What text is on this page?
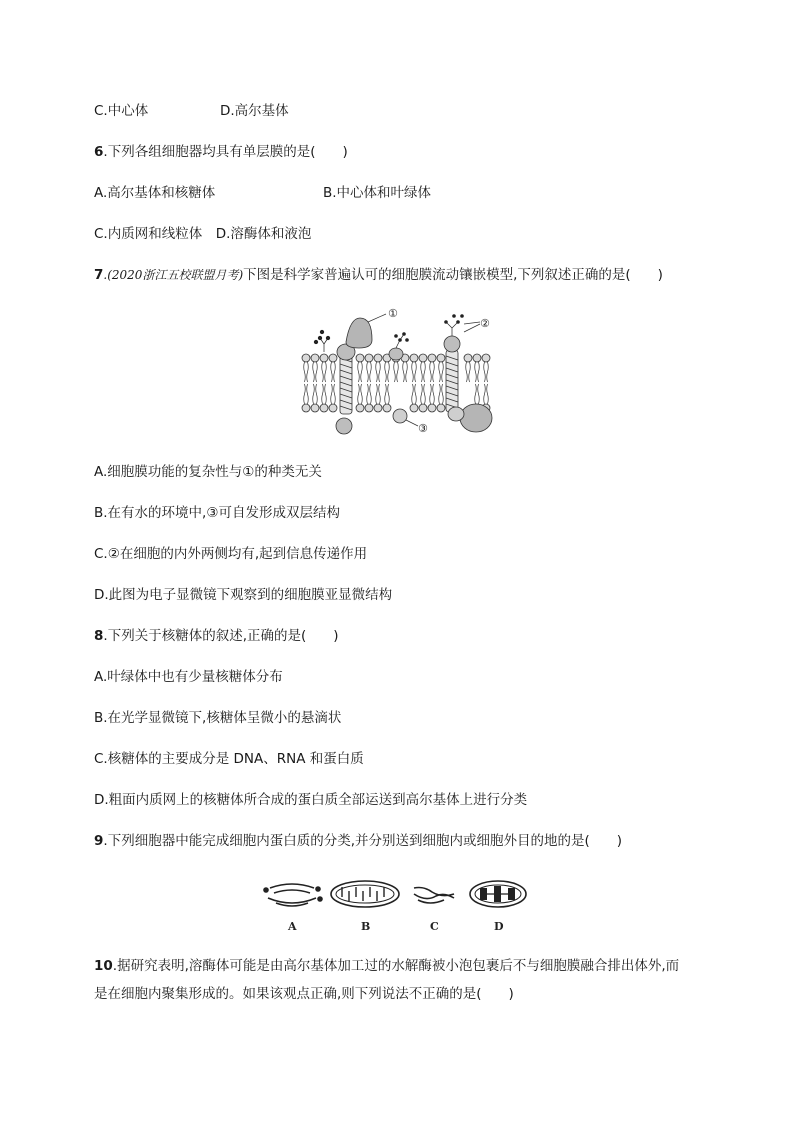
C.中心体	D.高尔基体
6.下列各组细胞器均具有单层膜的是(　　)
A.高尔基体和核糖体	B.中心体和叶绿体
C.内质网和线粒体　D.溶酶体和液泡
7.(2020浙江五校联盟月考)下图是科学家普遍认可的细胞膜流动镶嵌模型,下列叙述正确的是(　　)
①
②
③
A.细胞膜功能的复杂性与①的种类无关
B.在有水的环境中,③可自发形成双层结构
C.②在细胞的内外两侧均有,起到信息传递作用
D.此图为电子显微镜下观察到的细胞膜亚显微结构
8.下列关于核糖体的叙述,正确的是(　　)
A.叶绿体中也有少量核糖体分布
B.在光学显微镜下,核糖体呈微小的悬滴状
C.核糖体的主要成分是 DNA、RNA 和蛋白质
D.粗面内质网上的核糖体所合成的蛋白质全部运送到高尔基体上进行分类
9.下列细胞器中能完成细胞内蛋白质的分类,并分别送到细胞内或细胞外目的地的是(　　)
A	B	C	D
10.据研究表明,溶酶体可能是由高尔基体加工过的水解酶被小泡包裹后不与细胞膜融合排出体外,而
是在细胞内聚集形成的。如果该观点正确,则下列说法不正确的是(　　)
